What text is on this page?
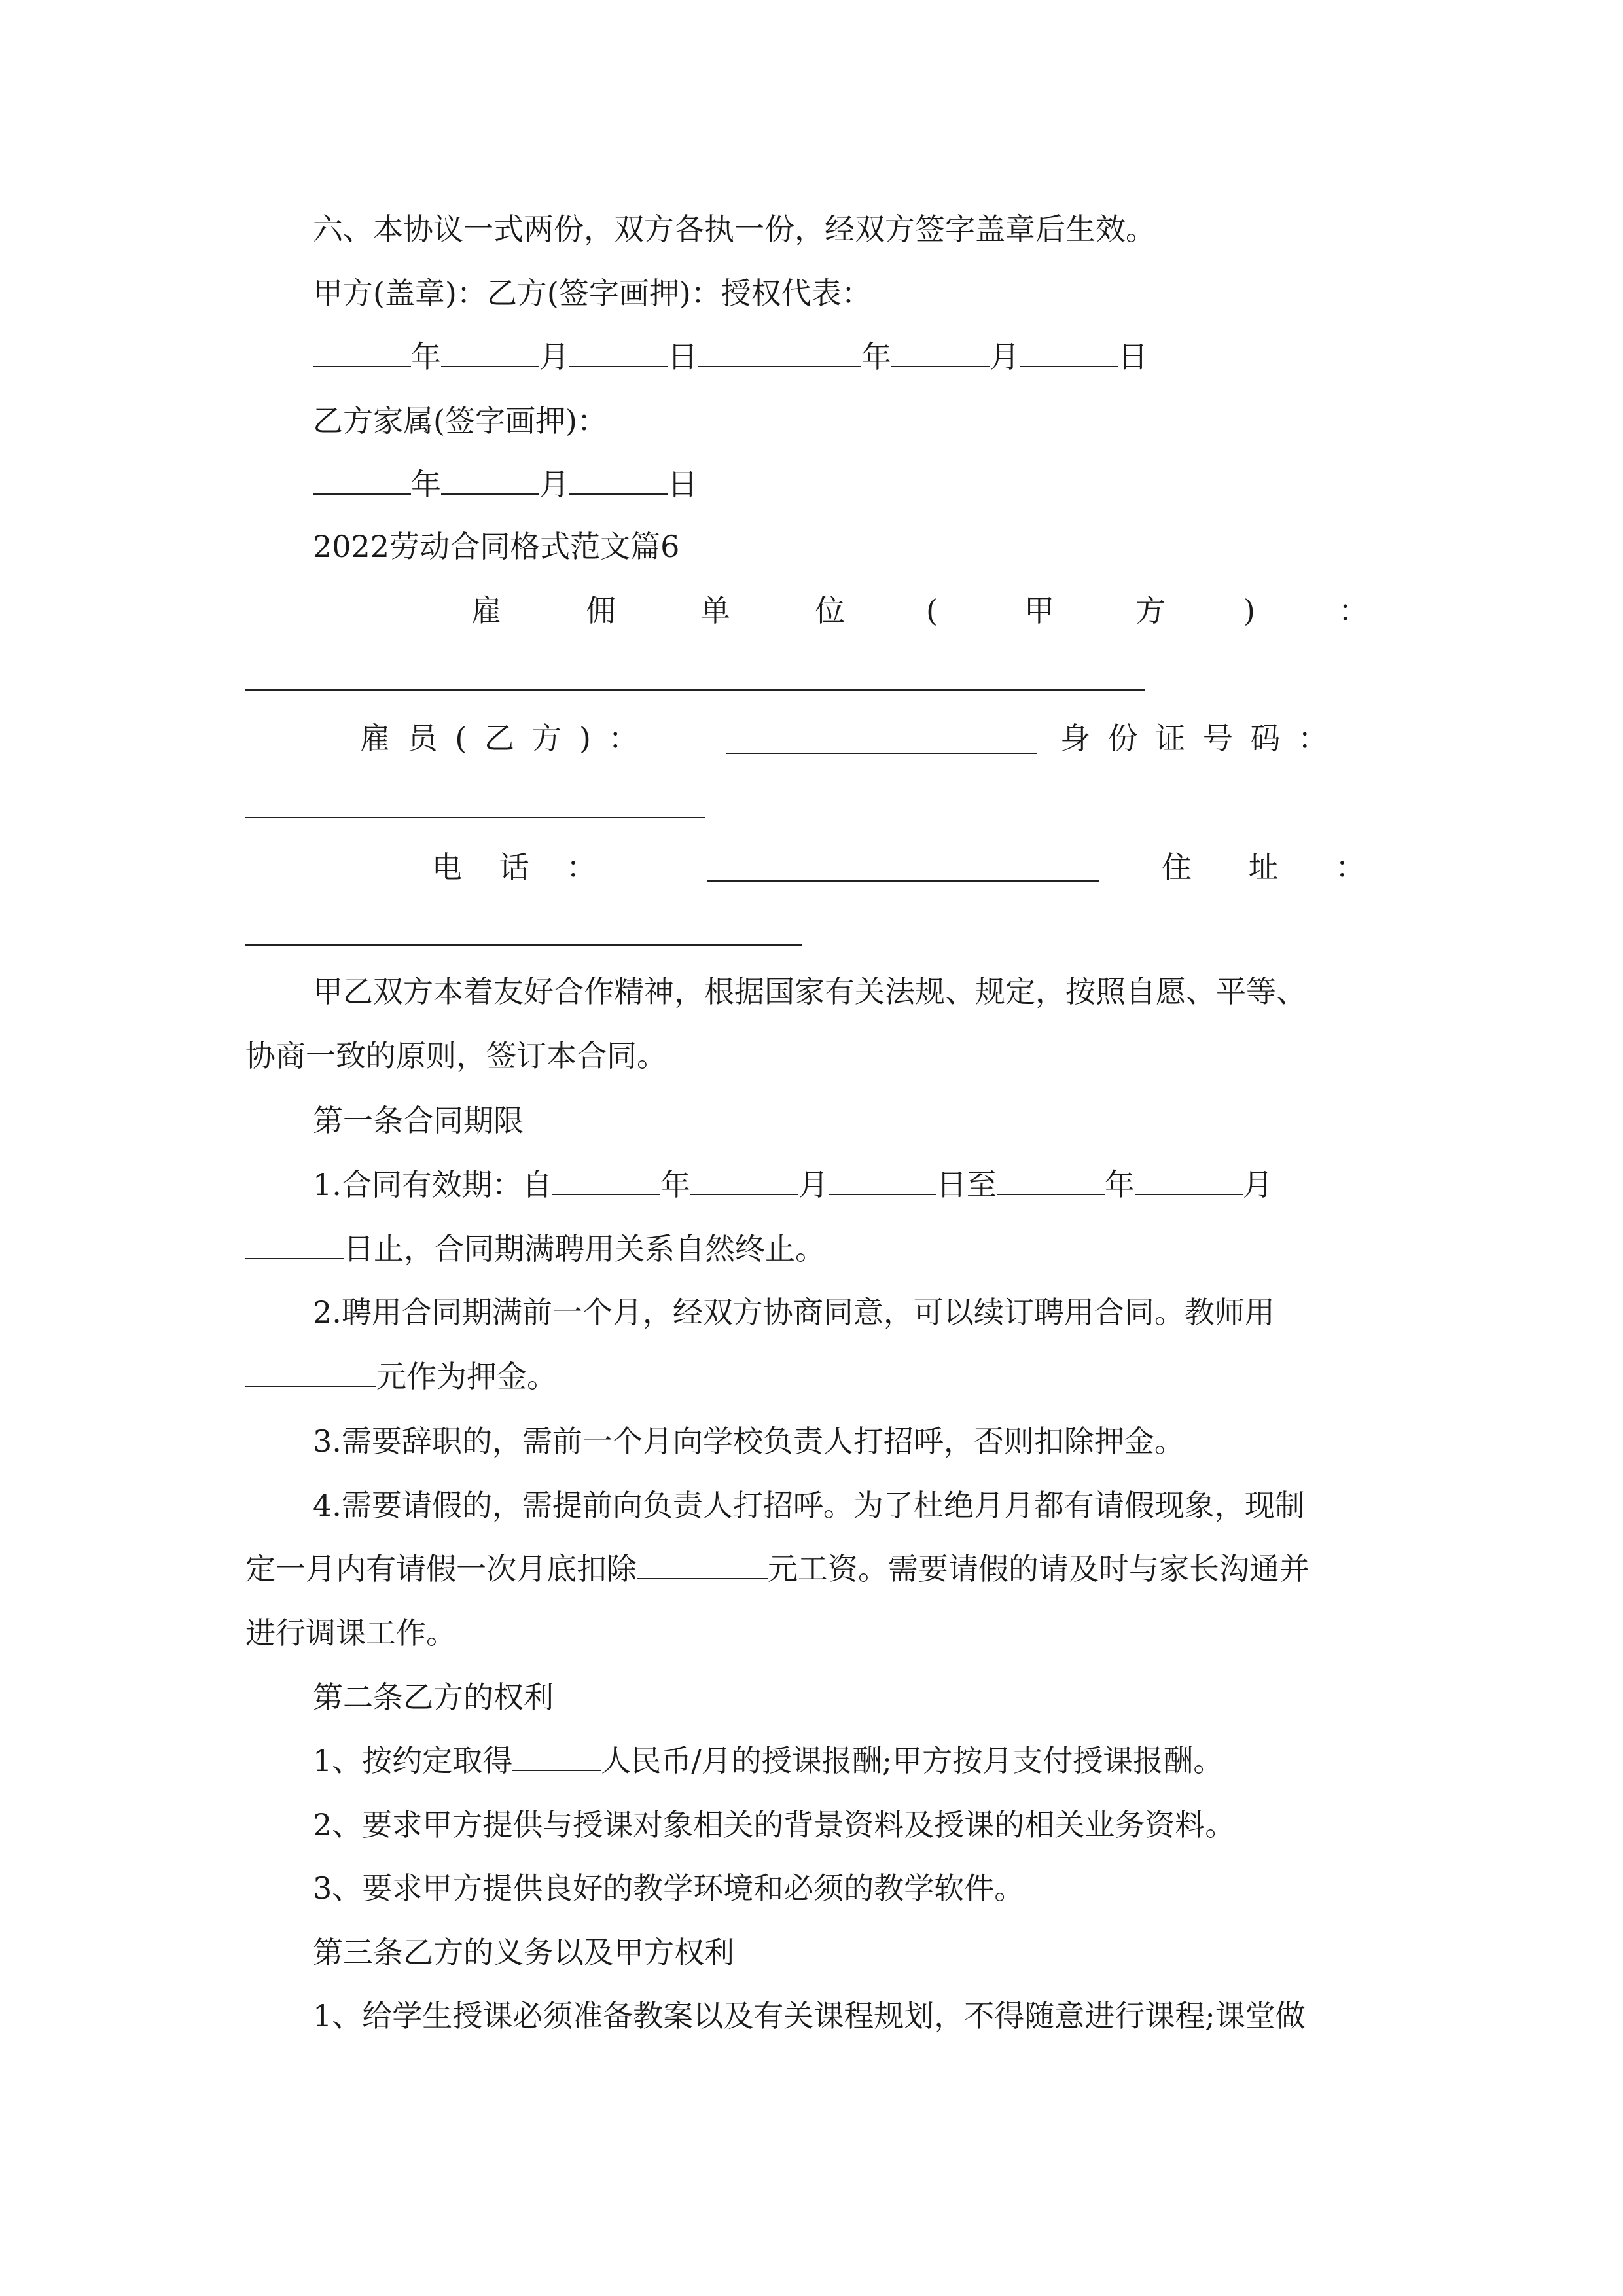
六、本协议一式两份，双方各执一份，经双方签字盖章后生效。
甲方(盖章)：乙方(签字画押)：授权代表：
年	月	日	年	月	日
乙方家属(签字画押)：
年	月	日
2022劳动合同格式范文篇6
雇	佣	单	位	(	甲	方	)	：
雇 员 ( 乙 方 ) ：	身 份 证 号 码 ：
电 话 ：	住 址 ：
甲乙双方本着友好合作精神，根据国家有关法规、规定，按照自愿、平等、
协商一致的原则，签订本合同。
第一条合同期限
1.合同有效期：自	年	月	日至	年	月
日止，合同期满聘用关系自然终止。
2.聘用合同期满前一个月，经双方协商同意，可以续订聘用合同。教师用
元作为押金。
3.需要辞职的，需前一个月向学校负责人打招呼，否则扣除押金。
4.需要请假的，需提前向负责人打招呼。为了杜绝月月都有请假现象，现制
定一月内有请假一次月底扣除	元工资。需要请假的请及时与家长沟通并
进行调课工作。
第二条乙方的权利
1、按约定取得	人民币/月的授课报酬;甲方按月支付授课报酬。
2、要求甲方提供与授课对象相关的背景资料及授课的相关业务资料。
3、要求甲方提供良好的教学环境和必须的教学软件。
第三条乙方的义务以及甲方权利
1、给学生授课必须准备教案以及有关课程规划，不得随意进行课程;课堂做
